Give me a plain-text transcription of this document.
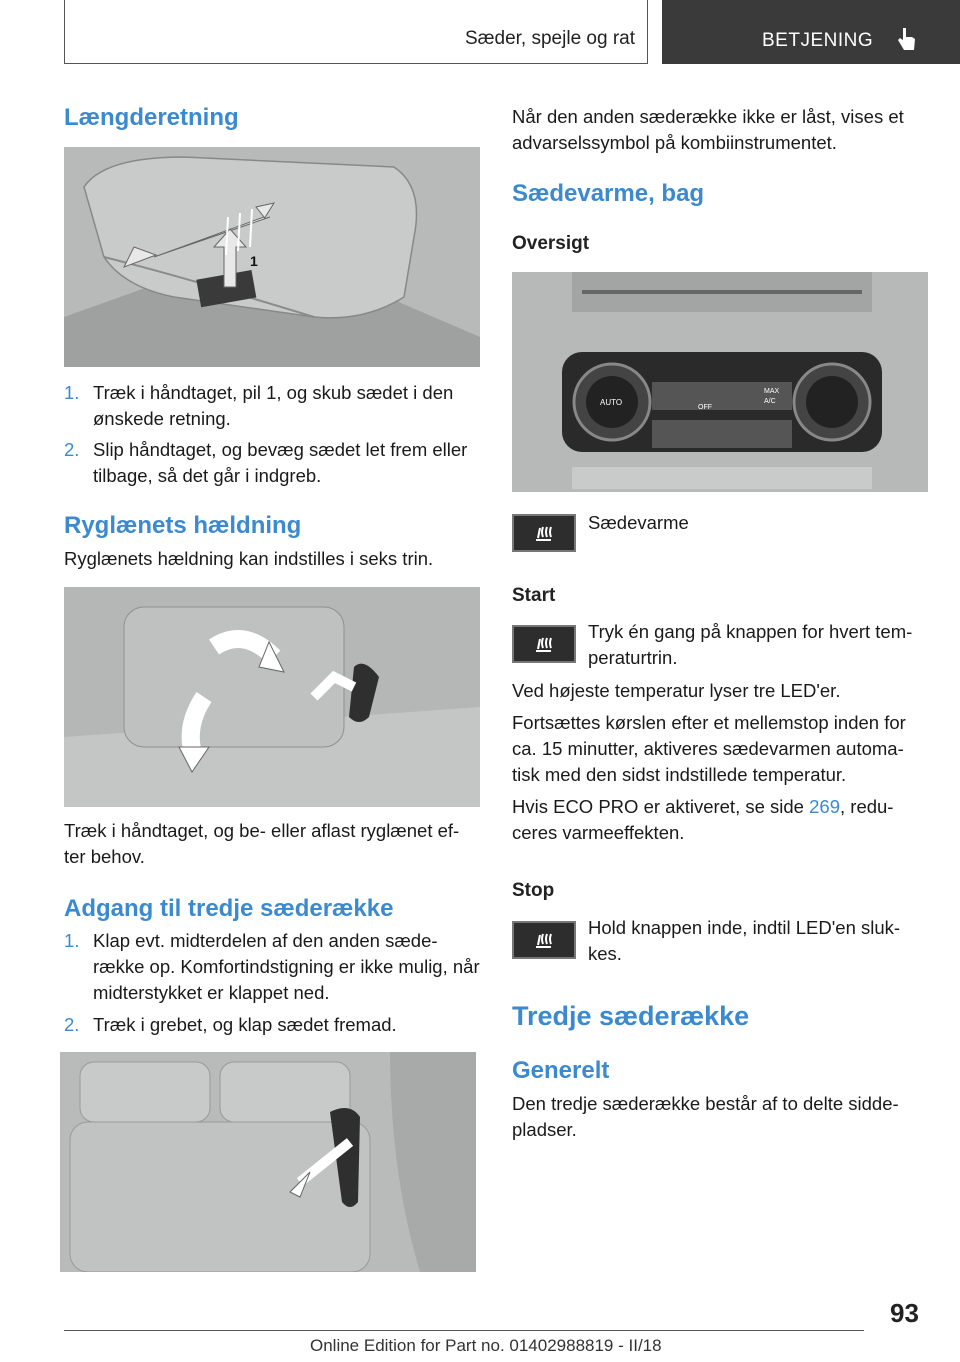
Sæder, spejle og rat	BETJENING
Længderetning
1
1. Træk i håndtaget, pil 1, og skub sædet i den ønskede retning.
2. Slip håndtaget, og bevæg sædet let frem eller tilbage, så det går i indgreb.
Ryglænets hældning
Ryglænets hældning kan indstilles i seks trin.
Træk i håndtaget, og be- eller aflast ryglænet ef- ter behov.
Adgang til tredje sæderække
1. Klap evt. midterdelen af den anden sæde- række op. Komfortindstigning er ikke mulig, når midterstykket er klappet ned.
2. Træk i grebet, og klap sædet fremad.
Når den anden sæderække ikke er låst, vises et advarselssymbol på kombiinstrumentet.
Sædevarme, bag
Oversigt
AUTO
OFF
MAX
A/C
Sædevarme
Start
Tryk én gang på knappen for hvert tem- peraturtrin.
Ved højeste temperatur lyser tre LED'er.
Fortsættes kørslen efter et mellemstop inden for ca. 15 minutter, aktiveres sædevarmen automa- tisk med den sidst indstillede temperatur.
Hvis ECO PRO er aktiveret, se side 269, redu-
ceres varmeeffekten.
Stop
Hold knappen inde, indtil LED'en sluk- kes.
Tredje sæderække
Generelt
Den tredje sæderække består af to delte sidde- pladser.
93
Online Edition for Part no. 01402988819 - II/18
